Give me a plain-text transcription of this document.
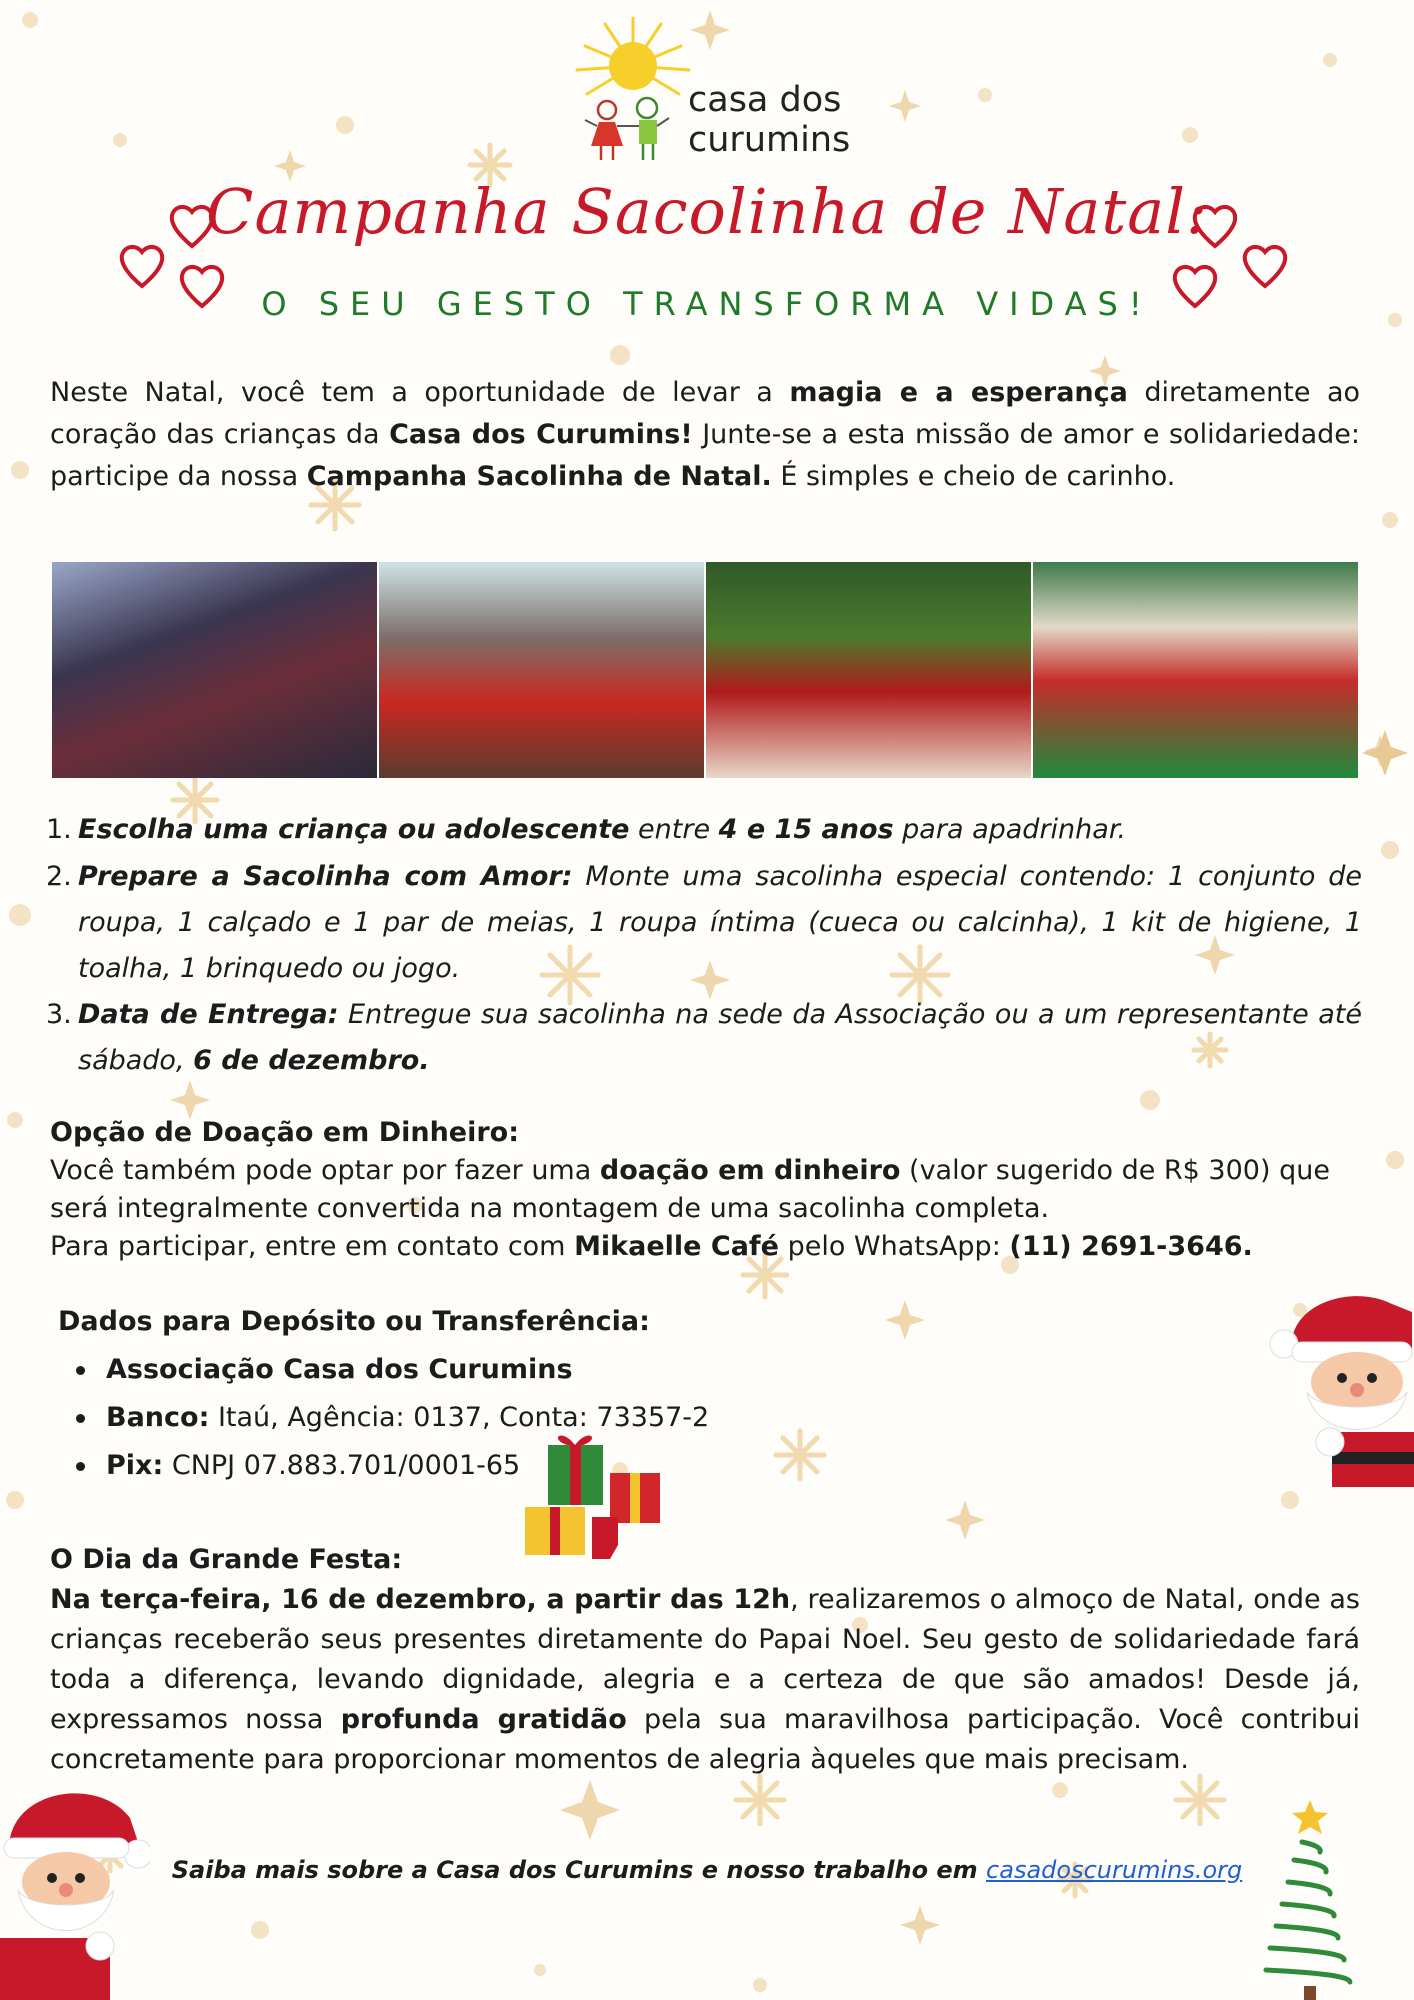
casa dos
curumins
Campanha Sacolinha de Natal:
O SEU GESTO TRANSFORMA VIDAS!
Neste Natal, você tem a oportunidade de levar a magia e a esperança diretamente ao coração das crianças da Casa dos Curumins! Junte-se a esta missão de amor e solidariedade: participe da nossa Campanha Sacolinha de Natal. É simples e cheio de carinho.
1. Escolha uma criança ou adolescente entre 4 e 15 anos para apadrinhar.
2. Prepare a Sacolinha com Amor: Monte uma sacolinha especial contendo: 1 conjunto de roupa, 1 calçado e 1 par de meias, 1 roupa íntima (cueca ou calcinha), 1 kit de higiene, 1 toalha, 1 brinquedo ou jogo.
3. Data de Entrega: Entregue sua sacolinha na sede da Associação ou a um representante até sábado, 6 de dezembro.
Opção de Doação em Dinheiro:
Você também pode optar por fazer uma doação em dinheiro (valor sugerido de R$ 300) que será integralmente convertida na montagem de uma sacolinha completa.
Para participar, entre em contato com Mikaelle Café pelo WhatsApp: (11) 2691-3646.
Dados para Depósito ou Transferência:
Associação Casa dos Curumins
Banco: Itaú, Agência: 0137, Conta: 73357-2
Pix: CNPJ 07.883.701/0001-65
O Dia da Grande Festa:
Na terça-feira, 16 de dezembro, a partir das 12h, realizaremos o almoço de Natal, onde as crianças receberão seus presentes diretamente do Papai Noel. Seu gesto de solidariedade fará toda a diferença, levando dignidade, alegria e a certeza de que são amados! Desde já, expressamos nossa profunda gratidão pela sua maravilhosa participação. Você contribui concretamente para proporcionar momentos de alegria àqueles que mais precisam.
Saiba mais sobre a Casa dos Curumins e nosso trabalho em casadoscurumins.org
